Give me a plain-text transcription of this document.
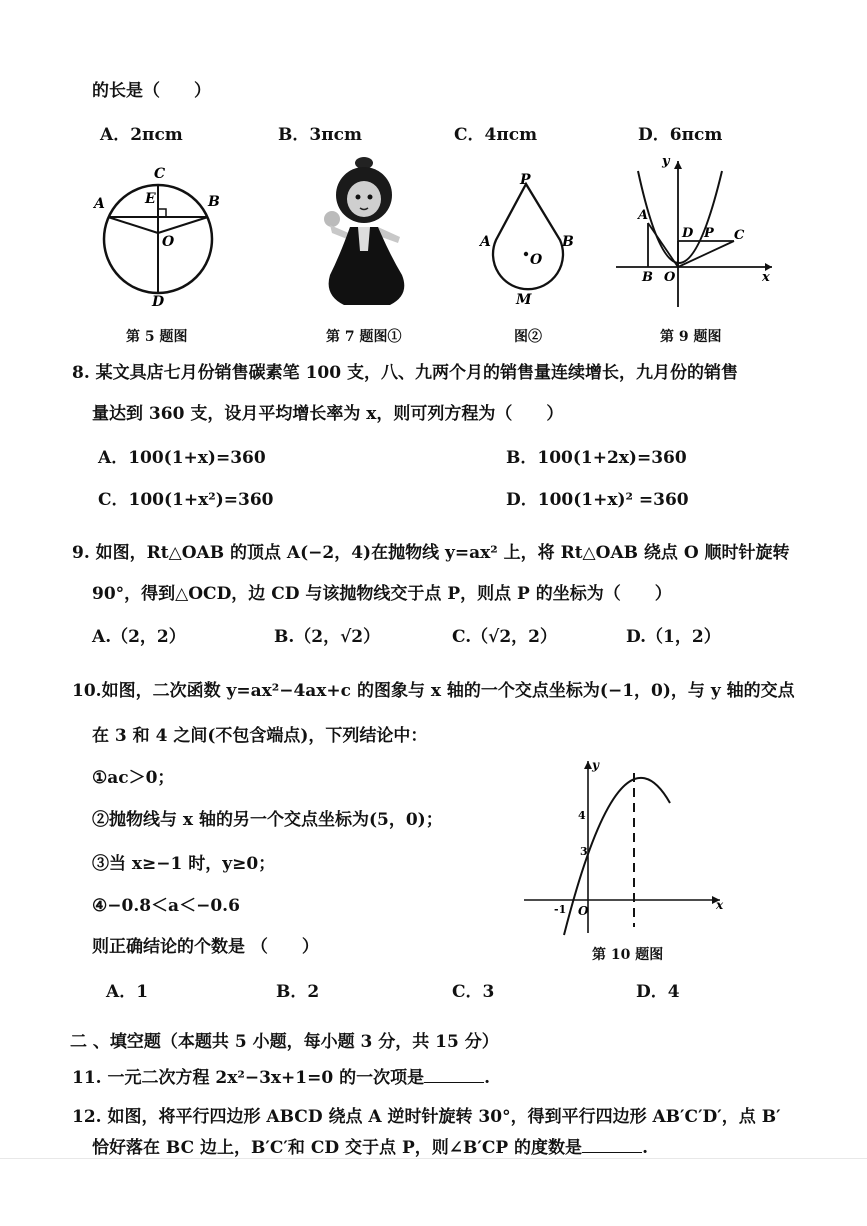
的长是（　　）
A．2πcm	B．3πcm	C．4πcm	D．6πcm
C
A	E	B
O
D
第 5 题图	第 7 题图①
P
A
O
B
M
图②
y
A
D P C
B O	x
第 9 题图
8. 某文具店七月份销售碳素笔 100 支，八、九两个月的销售量连续增长，九月份的销售
量达到 360 支，设月平均增长率为 x，则可列方程为（　　）
A．100(1+x)=360	B．100(1+2x)=360
C．100(1+x²)=360	D．100(1+x)² =360
9. 如图，Rt△OAB 的顶点 A(−2，4)在抛物线 y=ax² 上，将 Rt△OAB 绕点 O 顺时针旋转
90°，得到△OCD，边 CD 与该抛物线交于点 P，则点 P 的坐标为（　　）
A.（2，2）	B.（2，√2）	C.（√2，2）	D.（1，2）
10.如图，二次函数 y=ax²−4ax+c 的图象与 x 轴的一个交点坐标为(−1，0)，与 y 轴的交点
在 3 和 4 之间(不包含端点)，下列结论中：
①ac＞0；
②抛物线与 x 轴的另一个交点坐标为(5，0)；
③当 x≥−1 时，y≥0；
④−0.8＜a＜−0.6
则正确结论的个数是 （　　）
A．1	B．2	C．3	D．4
y
4
3
-1 O	x
第 10 题图
二 、填空题（本题共 5 小题，每小题 3 分，共 15 分）
11. 一元二次方程 2x²−3x+1=0 的一次项是	.
12. 如图，将平行四边形 ABCD 绕点 A 逆时针旋转 30°，得到平行四边形 AB′C′D′，点 B′
恰好落在 BC 边上，B′C′和 CD 交于点 P，则∠B′CP 的度数是	.
